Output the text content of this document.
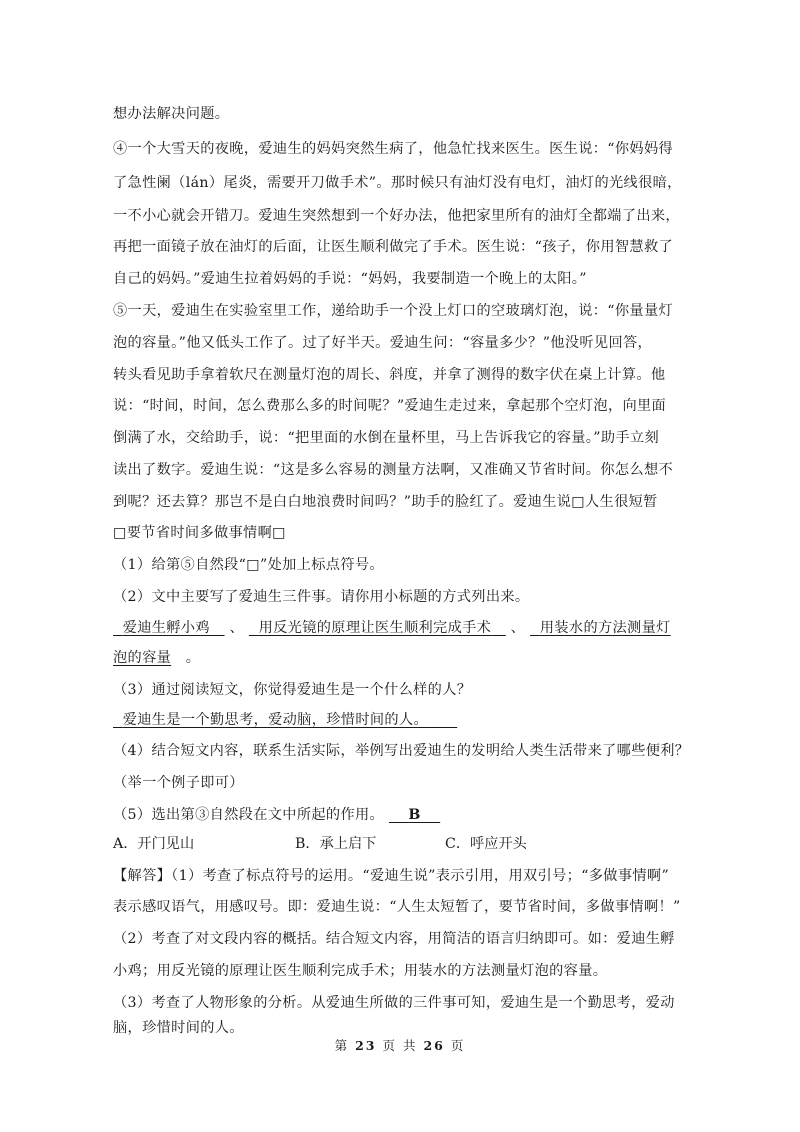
想办法解决问题。
④一个大雪天的夜晚，爱迪生的妈妈突然生病了，他急忙找来医生。医生说：“你妈妈得
了急性阑（lán）尾炎，需要开刀做手术”。那时候只有油灯没有电灯，油灯的光线很暗，
一不小心就会开错刀。爱迪生突然想到一个好办法，他把家里所有的油灯全都端了出来，
再把一面镜子放在油灯的后面，让医生顺利做完了手术。医生说：“孩子，你用智慧救了
自己的妈妈。”爱迪生拉着妈妈的手说：“妈妈，我要制造一个晚上的太阳。”
⑤一天，爱迪生在实验室里工作，递给助手一个没上灯口的空玻璃灯泡，说：“你量量灯
泡的容量。”他又低头工作了。过了好半天。爱迪生问：“容量多少？”他没听见回答，
转头看见助手拿着软尺在测量灯泡的周长、斜度，并拿了测得的数字伏在桌上计算。他
说：“时间，时间，怎么费那么多的时间呢？”爱迪生走过来，拿起那个空灯泡，向里面
倒满了水，交给助手，说：“把里面的水倒在量杯里，马上告诉我它的容量。”助手立刻
读出了数字。爱迪生说：“这是多么容易的测量方法啊，又准确又节省时间。你怎么想不
到呢？还去算？那岂不是白白地浪费时间吗？”助手的脸红了。爱迪生说□人生很短暂
□要节省时间多做事情啊□
（1）给第⑤自然段“□”处加上标点符号。
（2）文中主要写了爱迪生三件事。请你用小标题的方式列出来。
爱迪生孵小鸡 、 用反光镜的原理让医生顺利完成手术 、 用装水的方法测量灯
泡的容量 。
（3）通过阅读短文，你觉得爱迪生是一个什么样的人？
爱迪生是一个勤思考，爱动脑，珍惜时间的人。
（4）结合短文内容，联系生活实际，举例写出爱迪生的发明给人类生活带来了哪些便利？
（举一个例子即可）
（5）选出第③自然段在文中所起的作用。 B
A．开门见山	B．承上启下	C．呼应开头
【解答】（1）考查了标点符号的运用。“爱迪生说”表示引用，用双引号；“多做事情啊”
表示感叹语气，用感叹号。即：爱迪生说：“人生太短暂了，要节省时间，多做事情啊！”
（2）考查了对文段内容的概括。结合短文内容，用简洁的语言归纳即可。如：爱迪生孵
小鸡；用反光镜的原理让医生顺利完成手术；用装水的方法测量灯泡的容量。
（3）考查了人物形象的分析。从爱迪生所做的三件事可知，爱迪生是一个勤思考，爱动
脑，珍惜时间的人。
第 23 页 共 26 页
